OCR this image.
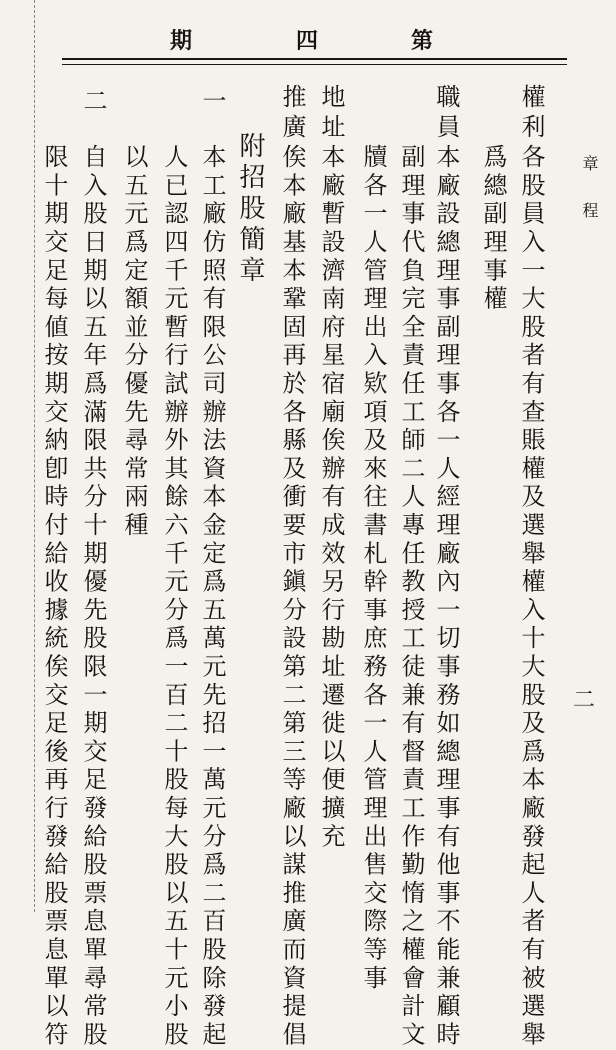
第
四
期
章 程
二
權利
各股員入一大股者有查賬權及選舉權入十大股及爲本廠發起人者有被選舉
爲總副理事權
職員
本廠設總理事副理事各一人經理廠內一切事務如總理事有他事不能兼顧時
副理事代負完全責任工師二人專任教授工徒兼有督責工作勤惰之權會計文
牘各一人管理出入欵項及來往書札幹事庶務各一人管理出售交際等事
地址
本廠暫設濟南府星宿廟俟辦有成效另行勘址遷徙以便擴充
推廣
俟本廠基本鞏固再於各縣及衝要市鎭分設第二第三等廠以謀推廣而資提倡
附招股簡章
一
本工廠仿照有限公司辦法資本金定爲五萬元先招一萬元分爲二百股除發起
人已認四千元暫行試辦外其餘六千元分爲一百二十股每大股以五十元小股
以五元爲定額並分優先尋常兩種
二
自入股日期以五年爲滿限共分十期優先股限一期交足發給股票息單尋常股
限十期交足每値按期交納卽時付給收據統俟交足後再行發給股票息單以符
